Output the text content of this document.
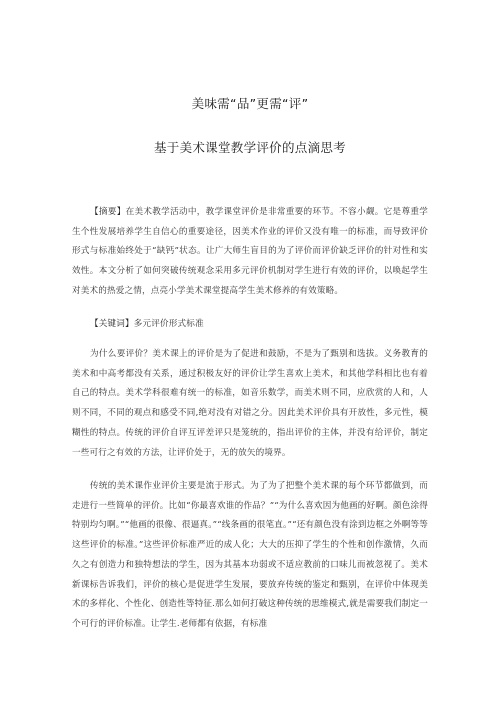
美味需“品”更需“评”
基于美术课堂教学评价的点滴思考

【摘要】在美术教学活动中，教学课堂评价是非常重要的环节。不容小觑。它是尊重学生个性发展培养学生自信心的重要途径，因美术作业的评价又没有唯一的标准，而导致评价形式与标准始终处于“缺钙”状态。让广大师生盲目的为了评价而评价缺乏评价的针对性和实效性。本文分析了如何突破传统观念采用多元评价机制对学生进行有效的评价，以唤起学生对美术的热爱之情，点亮小学美术课堂提高学生美术修养的有效策略。

【关键词】多元评价形式标准

为什么要评价？美术课上的评价是为了促进和鼓励，不是为了甄别和选拔。义务教育的美术和中高考都没有关系，通过积极友好的评价让学生喜欢上美术，和其他学科相比也有着自己的特点。美术学科很难有统一的标准，如音乐数学，而美术则不同，应欣赏的人和，人则不同，不同的观点和感受不同,绝对没有对错之分。因此美术评价具有开放性，多元性，模糊性的特点。传统的评价自评互评差评只是笼统的，指出评价的主体，并没有给评价，制定一些可行之有效的方法，让评价处于，无的放矢的境界。

传统的美术课作业评价主要是流于形式。为了为了把整个美术课的每个环节都做到，而走进行一些简单的评价。比如“你最喜欢谁的作品？”“为什么喜欢因为他画的好啊。颜色涂得特别均匀啊。”“他画的很像、很逼真。”“线条画的很笔直。”“还有颜色没有涂到边框之外啊等等这些评价的标准。”这些评价标准严近的成人化；大大的压抑了学生的个性和创作激情，久而久之有创造力和独特想法的学生，因为其基本功弱或不适应教前的口味儿而被忽视了。美术新课标告诉我们，评价的核心是促进学生发展，要放弃传统的鉴定和甄别，在评价中体现美术的多样化、个性化、创造性等特征.那么如何打破这种传统的思维模式,就是需要我们制定一个可行的评价标准。让学生.老师都有依据，有标准
